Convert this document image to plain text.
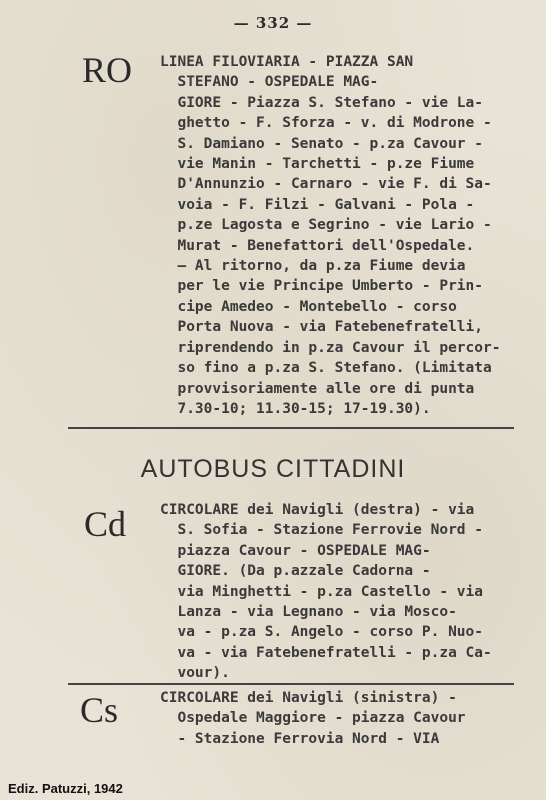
— 332 —
RO LINEA FILOVIARIA - PIAZZA SAN
STEFANO - OSPEDALE MAG-
GIORE - Piazza S. Stefano - vie La-
ghetto - F. Sforza - v. di Modrone -
S. Damiano - Senato - p.za Cavour -
vie Manin - Tarchetti - p.ze Fiume
D'Annunzio - Carnaro - vie F. di Sa-
voia - F. Filzi - Galvani - Pola -
p.ze Lagosta e Segrino - vie Lario -
Murat - Benefattori dell'Ospedale.
— Al ritorno, da p.za Fiume devia
per le vie Principe Umberto - Prin-
cipe Amedeo - Montebello - corso
Porta Nuova - via Fatebenefratelli,
riprendendo in p.za Cavour il percor-
so fino a p.za S. Stefano. (Limitata
provvisoriamente alle ore di punta
7.30-10; 11.30-15; 17-19.30).
AUTOBUS CITTADINI
Cd CIRCOLARE dei Navigli (destra) - via
S. Sofia - Stazione Ferrovie Nord -
piazza Cavour - OSPEDALE MAG-
GIORE. (Da p.azzale Cadorna -
via Minghetti - p.za Castello - via
Lanza - via Legnano - via Mosco-
va - p.za S. Angelo - corso P. Nuo-
va - via Fatebenefratelli - p.za Ca-
vour).
Cs	CIRCOLARE dei Navigli (sinistra) -
Ospedale Maggiore - piazza Cavour
- Stazione Ferrovia Nord - VIA
Ediz. Patuzzi, 1942
